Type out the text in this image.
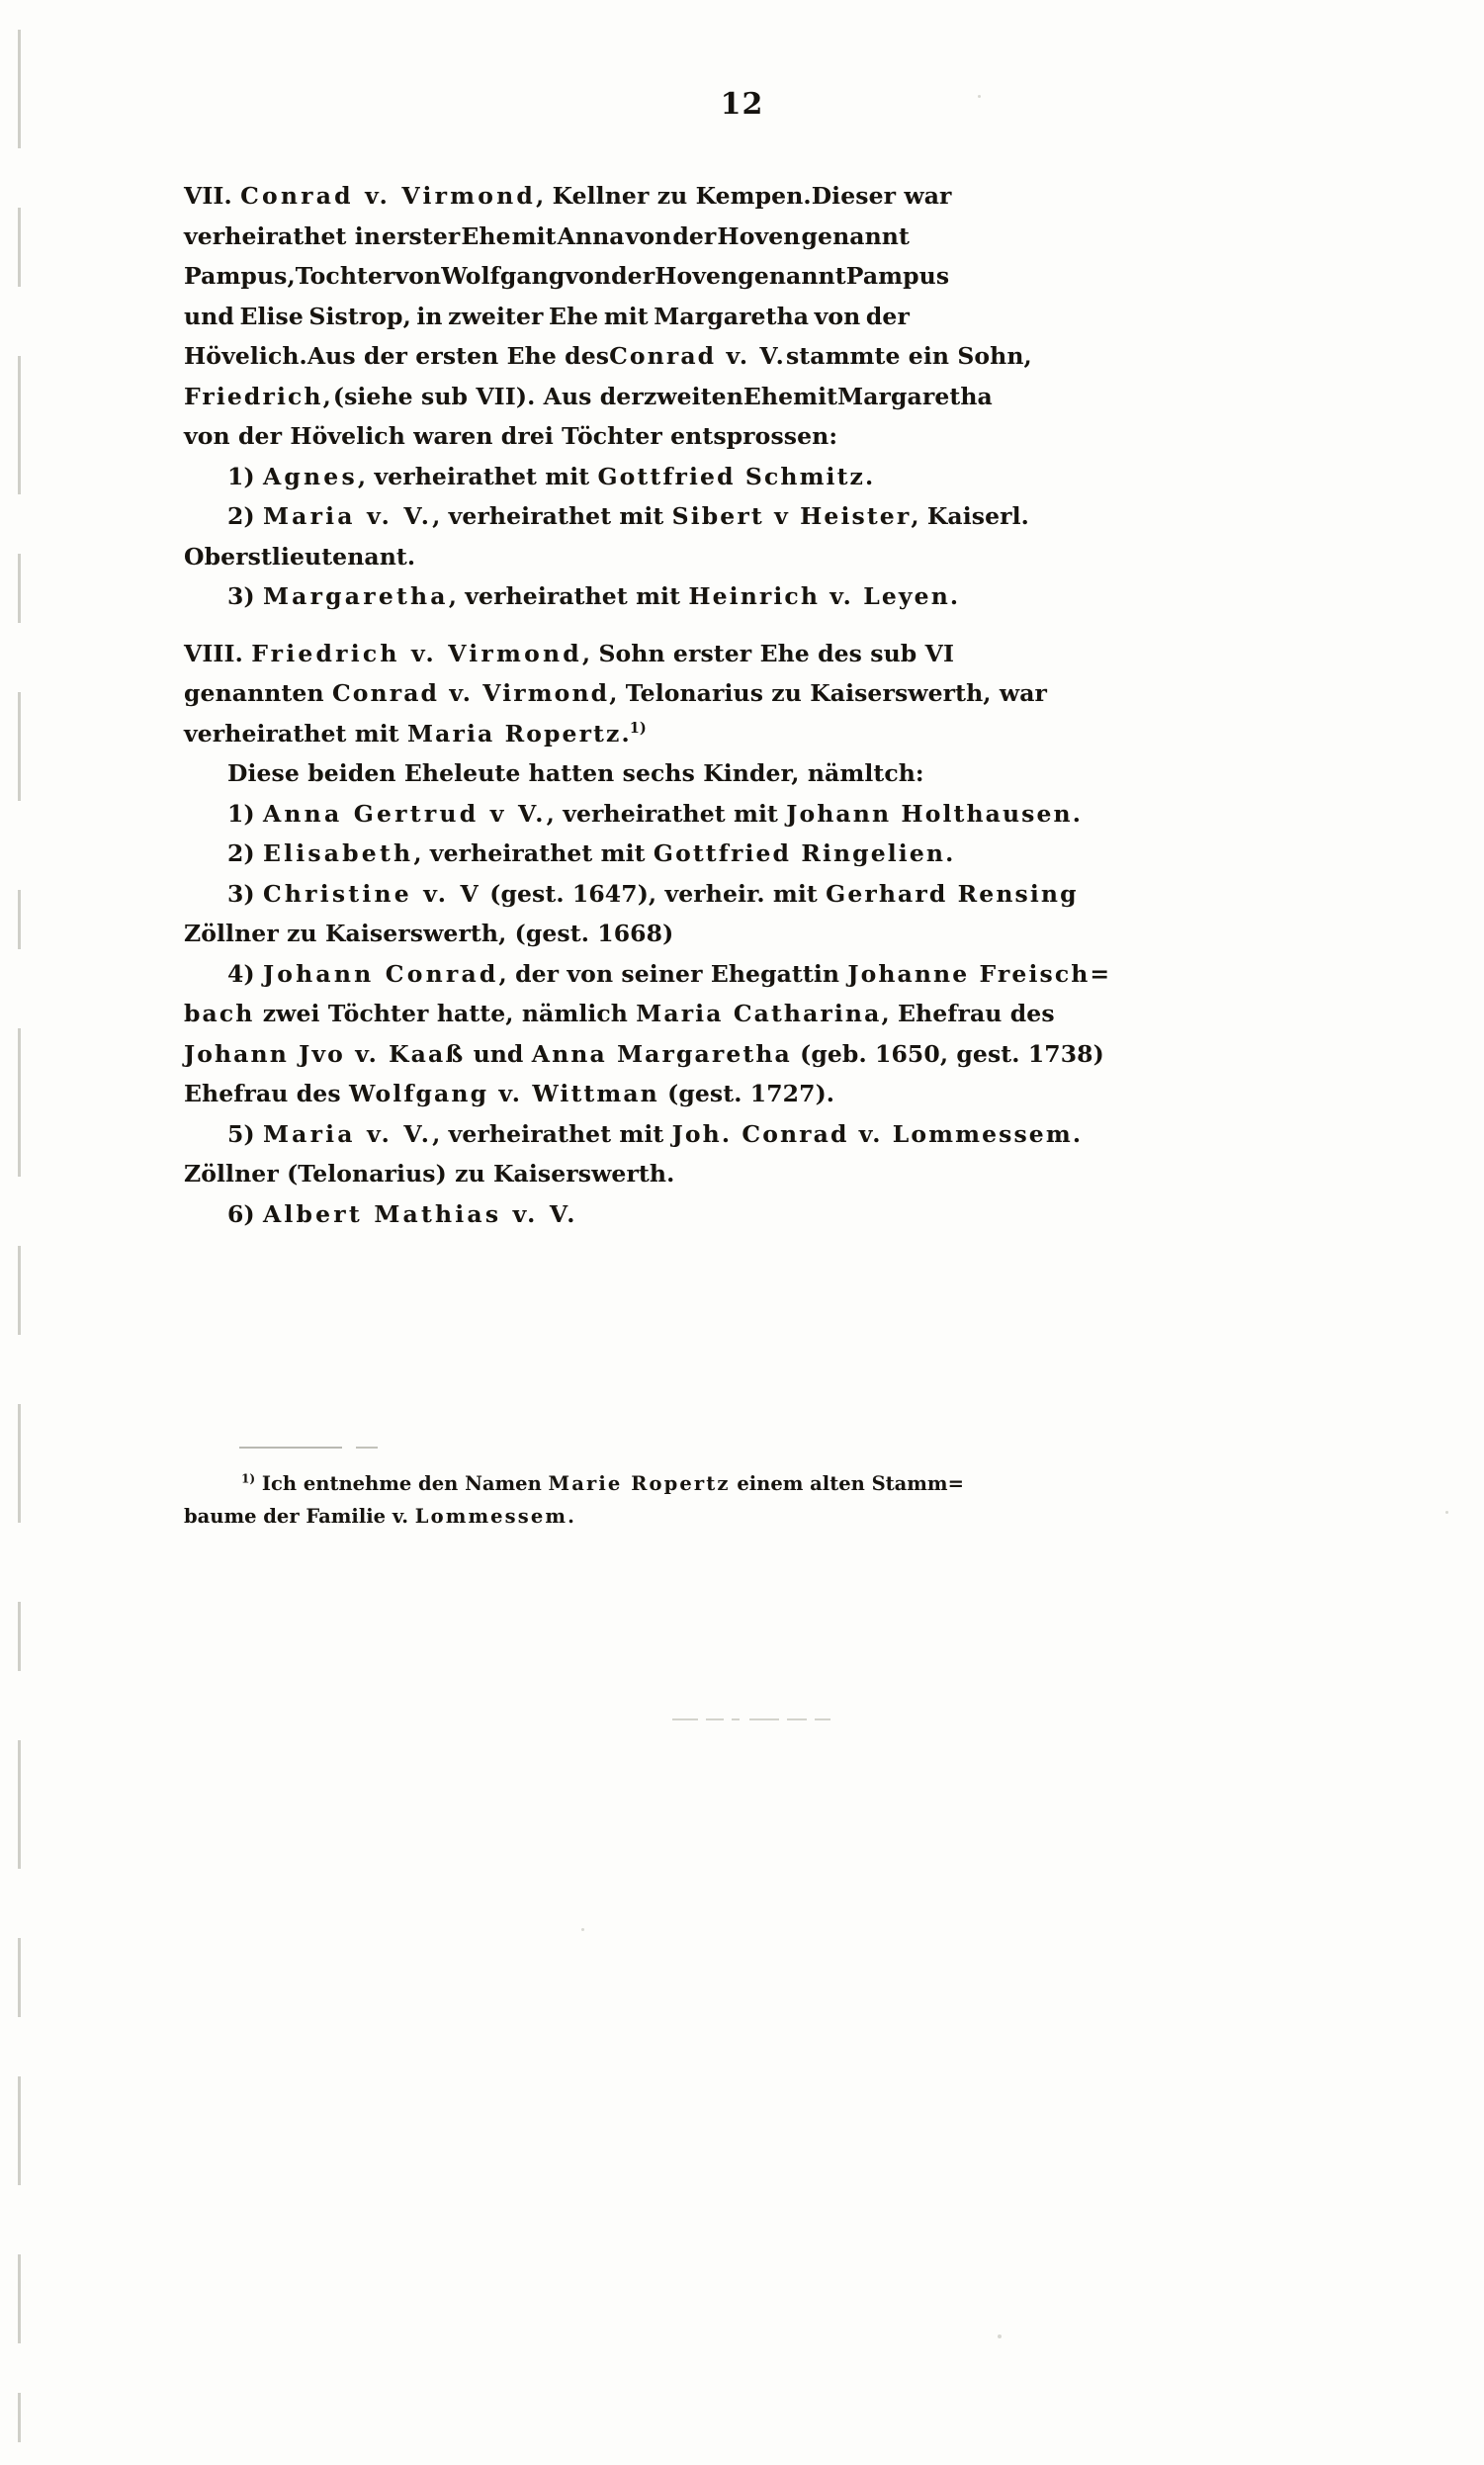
12

VII. Conrad v. Virmond , Kellner zu Kempen. Dieser war
verheirathet in erster Ehe mit Anna von der Hoven genannt
Pampus, Tochter von Wolfgang von der Hoven genannt Pampus
und Elise Sistrop, in zweiter Ehe mit Margaretha von der
Hövelich. Aus der ersten Ehe des Conrad v. V. stammte ein Sohn,
Friedrich, (siehe sub VII). Aus der zweiten Ehe mit Margaretha
von der Hövelich waren drei Töchter entsprossen:

1) Agnes, verheirathet mit Gottfried Schmitz.
2) Maria v. V., verheirathet mit Sibert v Heister, Kaiserl.
Oberstlieutenant.
3) Margaretha, verheirathet mit Heinrich v. Leyen.

VIII. Friedrich v. Virmond , Sohn erster Ehe des sub VI
genannten Conrad v. Virmond , Telonarius zu Kaiserswerth, war
verheirathet mit Maria Ropertz.$^{1)}$

Diese beiden Eheleute hatten sechs Kinder, nämltch:
1) Anna Gertrud v V., verheirathet mit Johann Holthausen.
2) Elisabeth, verheirathet mit Gottfried Ringelien.
3) Christine v. V (gest. 1647), verheir. mit Gerhard Rensing
Zöllner zu Kaiserswerth, (gest. 1668)
4) Johann Conrad, der von seiner Ehegattin Johanne Freisch=
bach zwei Töchter hatte, nämlich Maria Catharina, Ehefrau des
Johann Jvo v. Kaaß und Anna Margaretha (geb. 1650, gest. 1738)
Ehefrau des Wolfgang v. Wittman (gest. 1727).
5) Maria v. V., verheirathet mit Joh. Conrad v. Lommessem.
Zöllner (Telonarius) zu Kaiserswerth.
6) Albert Mathias v. V.
$^{1)}$ Ich entnehme den Namen Marie Ropertz einem alten Stamm=
baume der Familie v. Lommessem.
